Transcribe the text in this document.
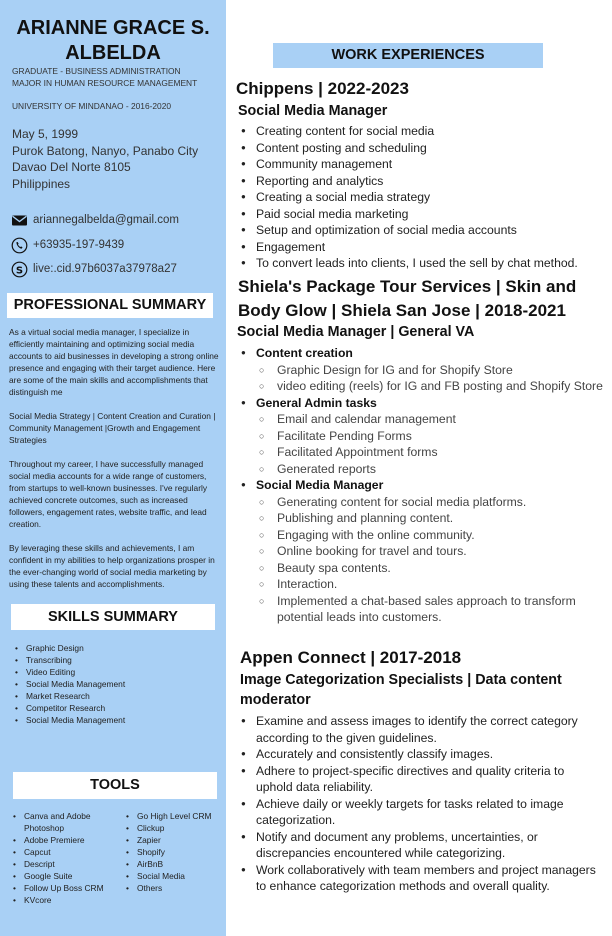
ARIANNE GRACE S.
ALBELDA
GRADUATE - BUSINESS ADMINISTRATION
MAJOR IN HUMAN RESOURCE MANAGEMENT
UNIVERSITY OF MINDANAO - 2016-2020
May 5, 1999
Purok Batong, Nanyo, Panabo City
Davao Del Norte 8105
Philippines
ariannegalbelda@gmail.com
+63935-197-9439
S live:.cid.97b6037a37978a27
PROFESSIONAL SUMMARY

As a virtual social media manager, I specialize in efficiently maintaining and optimizing social media accounts to aid businesses in developing a strong online presence and engaging with their target audience. Here are some of the main skills and accomplishments that distinguish me

Social Media Strategy | Content Creation and Curation | Community Management |Growth and Engagement Strategies

Throughout my career, I have successfully managed social media accounts for a wide range of customers, from startups to well-known businesses. I've regularly achieved concrete outcomes, such as increased followers, engagement rates, website traffic, and lead creation.

By leveraging these skills and achievements, I am confident in my abilities to help organizations prosper in the ever-changing world of social media marketing by using these talents and accomplishments.

SKILLS SUMMARY
• Graphic Design
• Transcribing
• Video Editing
• Social Media Management
• Market Research
• Competitor Research
• Social Media Management
TOOLS
• Canva and Adobe Photoshop
• Adobe Premiere
• Capcut
• Descript
• Google Suite
• Follow Up Boss CRM
• KVcore
• Go High Level CRM
• Clickup
• Zapier
• Shopify
• AirBnB
• Social Media
• Others
WORK EXPERIENCES
Chippens | 2022-2023
Social Media Manager
● Creating content for social media
● Content posting and scheduling
● Community management
● Reporting and analytics
● Creating a social media strategy
● Paid social media marketing
● Setup and optimization of social media accounts
● Engagement
● To convert leads into clients, I used the sell by chat method.
Shiela's Package Tour Services | Skin and
Body Glow | Shiela San Jose | 2018-2021
Social Media Manager | General VA
● Content creation
○ Graphic Design for IG and for Shopify Store
○ video editing (reels) for IG and FB posting and Shopify Store
● General Admin tasks
○ Email and calendar management
○ Facilitate Pending Forms
○ Facilitated Appointment forms
○ Generated reports
● Social Media Manager
○ Generating content for social media platforms.
○ Publishing and planning content.
○ Engaging with the online community.
○ Online booking for travel and tours.
○ Beauty spa contents.
○ Interaction.
○ Implemented a chat-based sales approach to transform potential leads into customers.
Appen Connect | 2017-2018
Image Categorization Specialists | Data content
moderator
● Examine and assess images to identify the correct category according to the given guidelines.
● Accurately and consistently classify images.
● Adhere to project-specific directives and quality criteria to uphold data reliability.
● Achieve daily or weekly targets for tasks related to image categorization.
● Notify and document any problems, uncertainties, or discrepancies encountered while categorizing.
● Work collaboratively with team members and project managers to enhance categorization methods and overall quality.
